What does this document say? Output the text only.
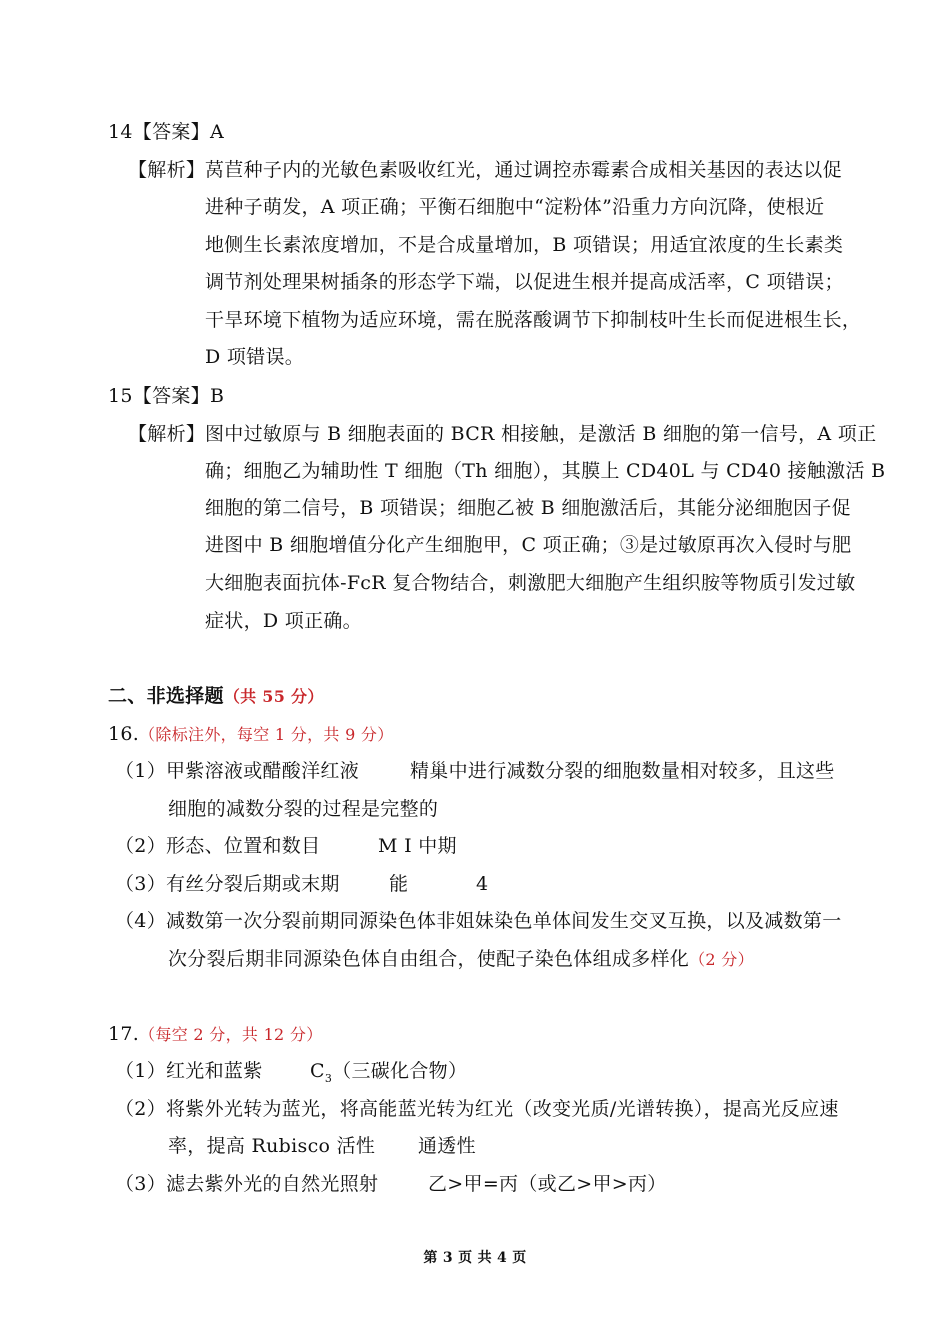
14【答案】A
【解析】 莴苣种子内的光敏色素吸收红光，通过调控赤霉素合成相关基因的表达以促
进种子萌发，A 项正确；平衡石细胞中“淀粉体”沿重力方向沉降，使根近
地侧生长素浓度增加，不是合成量增加，B 项错误；用适宜浓度的生长素类
调节剂处理果树插条的形态学下端，以促进生根并提高成活率，C 项错误；
干旱环境下植物为适应环境，需在脱落酸调节下抑制枝叶生长而促进根生长，
D 项错误。
15【答案】B
【解析】 图中过敏原与 B 细胞表面的 BCR 相接触，是激活 B 细胞的第一信号，A 项正
确；细胞乙为辅助性 T 细胞（Th 细胞），其膜上 CD40L 与 CD40 接触激活 B
细胞的第二信号，B 项错误；细胞乙被 B 细胞激活后，其能分泌细胞因子促
进图中 B 细胞增值分化产生细胞甲，C 项正确；③是过敏原再次入侵时与肥
大细胞表面抗体-FcR 复合物结合，刺激肥大细胞产生组织胺等物质引发过敏
症状，D 项正确。
二、非选择题（共 55 分）
16.（除标注外，每空 1 分，共 9 分）
（1）甲紫溶液或醋酸洋红液	精巢中进行减数分裂的细胞数量相对较多，且这些
细胞的减数分裂的过程是完整的
（2）形态、位置和数目	M Ⅰ 中期
（3）有丝分裂后期或末期	能	4
（4）减数第一次分裂前期同源染色体非姐妹染色单体间发生交叉互换，以及减数第一
次分裂后期非同源染色体自由组合，使配子染色体组成多样化（2 分）
17.（每空 2 分，共 12 分）
（1）红光和蓝紫 $C_3$（三碳化合物）
（2）将紫外光转为蓝光，将高能蓝光转为红光（改变光质/光谱转换），提高光反应速
率，提高 Rubisco 活性 通透性
（3）滤去紫外光的自然光照射	乙>甲=丙（或乙>甲>丙）
第 3 页 共 4 页
